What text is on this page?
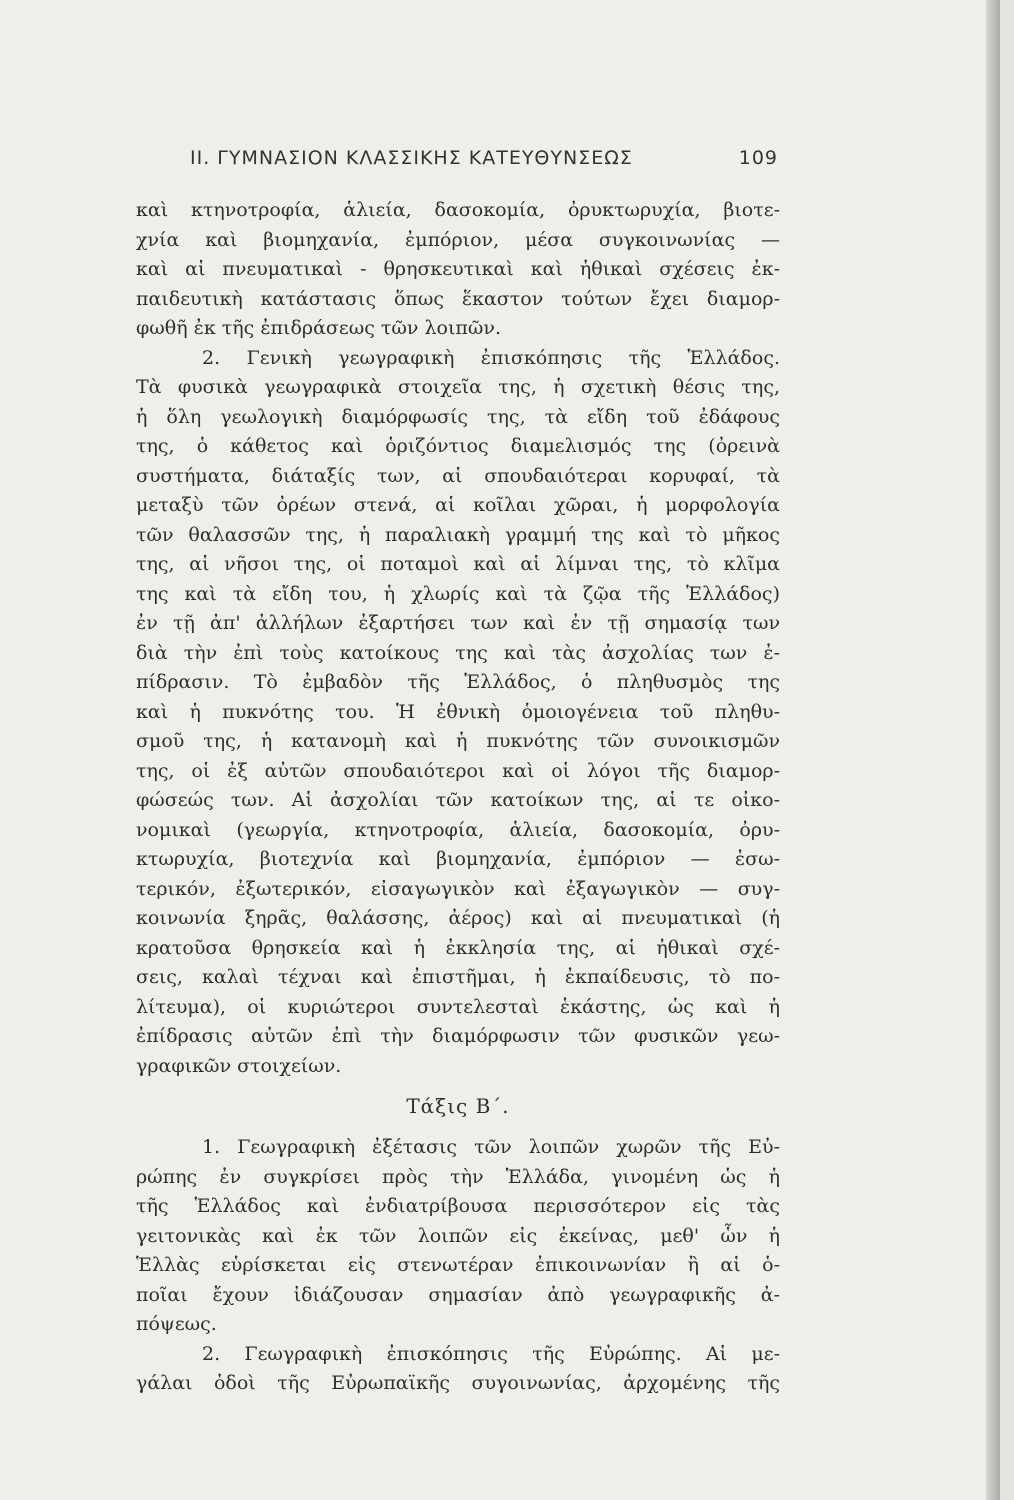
II. ΓΥΜΝΑΣΙΟΝ ΚΛΑΣΣΙΚΗΣ ΚΑΤΕΥΘΥΝΣΕΩΣ	109
καὶ κτηνοτροφία, ἁλιεία, δασοκομία, ὀρυκτωρυχία, βιοτε-
χνία καὶ βιομηχανία, ἐμπόριον, μέσα συγκοινωνίας —
καὶ αἱ πνευματικαὶ - θρησκευτικαὶ καὶ ἠθικαὶ σχέσεις ἐκ-
παιδευτικὴ κατάστασις ὅπως ἕκαστον τούτων ἔχει διαμορ-
φωθῆ ἐκ τῆς ἐπιδράσεως τῶν λοιπῶν.
2. Γενικὴ γεωγραφικὴ ἐπισκόπησις τῆς Ἑλλάδος.
Τὰ φυσικὰ γεωγραφικὰ στοιχεῖα της, ἡ σχετικὴ θέσις της,
ἡ ὅλη γεωλογικὴ διαμόρφωσίς της, τὰ εἴδη τοῦ ἐδάφους
της, ὁ κάθετος καὶ ὁριζόντιος διαμελισμός της (ὀρεινὰ
συστήματα, διάταξίς των, αἱ σπουδαιότεραι κορυφαί, τὰ
μεταξὺ τῶν ὀρέων στενά, αἱ κοῖλαι χῶραι, ἡ μορφολογία
τῶν θαλασσῶν της, ἡ παραλιακὴ γραμμή της καὶ τὸ μῆκος
της, αἱ νῆσοι της, οἱ ποταμοὶ καὶ αἱ λίμναι της, τὸ κλῖμα
της καὶ τὰ εἴδη του, ἡ χλωρίς καὶ τὰ ζῷα τῆς Ἑλλάδος)
ἐν τῇ ἀπ' ἀλλήλων ἐξαρτήσει των καὶ ἐν τῇ σημασίᾳ των
διὰ τὴν ἐπὶ τοὺς κατοίκους της καὶ τὰς ἀσχολίας των ἐ-
πίδρασιν. Τὸ ἐμβαδὸν τῆς Ἑλλάδος, ὁ πληθυσμὸς της
καὶ ἡ πυκνότης του. Ἡ ἐθνικὴ ὁμοιογένεια τοῦ πληθυ-
σμοῦ της, ἡ κατανομὴ καὶ ἡ πυκνότης τῶν συνοικισμῶν
της, οἱ ἐξ αὐτῶν σπουδαιότεροι καὶ οἱ λόγοι τῆς διαμορ-
φώσεώς των. Αἱ ἀσχολίαι τῶν κατοίκων της, αἱ τε οἰκο-
νομικαὶ (γεωργία, κτηνοτροφία, ἁλιεία, δασοκομία, ὀρυ-
κτωρυχία, βιοτεχνία καὶ βιομηχανία, ἐμπόριον — ἐσω-
τερικόν, ἐξωτερικόν, εἰσαγωγικὸν καὶ ἐξαγωγικὸν — συγ-
κοινωνία ξηρᾶς, θαλάσσης, ἀέρος) καὶ αἱ πνευματικαὶ (ἡ
κρατοῦσα θρησκεία καὶ ἡ ἐκκλησία της, αἱ ἠθικαὶ σχέ-
σεις, καλαὶ τέχναι καὶ ἐπιστῆμαι, ἡ ἐκπαίδευσις, τὸ πο-
λίτευμα), οἱ κυριώτεροι συντελεσταὶ ἑκάστης, ὡς καὶ ἡ
ἐπίδρασις αὐτῶν ἐπὶ τὴν διαμόρφωσιν τῶν φυσικῶν γεω-
γραφικῶν στοιχείων.
Τάξις Β΄.
1. Γεωγραφικὴ ἐξέτασις τῶν λοιπῶν χωρῶν τῆς Εὐ-
ρώπης ἐν συγκρίσει πρὸς τὴν Ἑλλάδα, γινομένη ὡς ἡ
τῆς Ἑλλάδος καὶ ἐνδιατρίβουσα περισσότερον εἰς τὰς
γειτονικὰς καὶ ἐκ τῶν λοιπῶν εἰς ἐκείνας, μεθ' ὧν ἡ
Ἑλλὰς εὑρίσκεται εἰς στενωτέραν ἐπικοινωνίαν ἢ αἱ ὁ-
ποῖαι ἔχουν ἰδιάζουσαν σημασίαν ἀπὸ γεωγραφικῆς ἀ-
πόψεως.
2. Γεωγραφικὴ ἐπισκόπησις τῆς Εὐρώπης. Αἱ με-
γάλαι ὁδοὶ τῆς Εὐρωπαϊκῆς συγοινωνίας, ἀρχομένης τῆς
